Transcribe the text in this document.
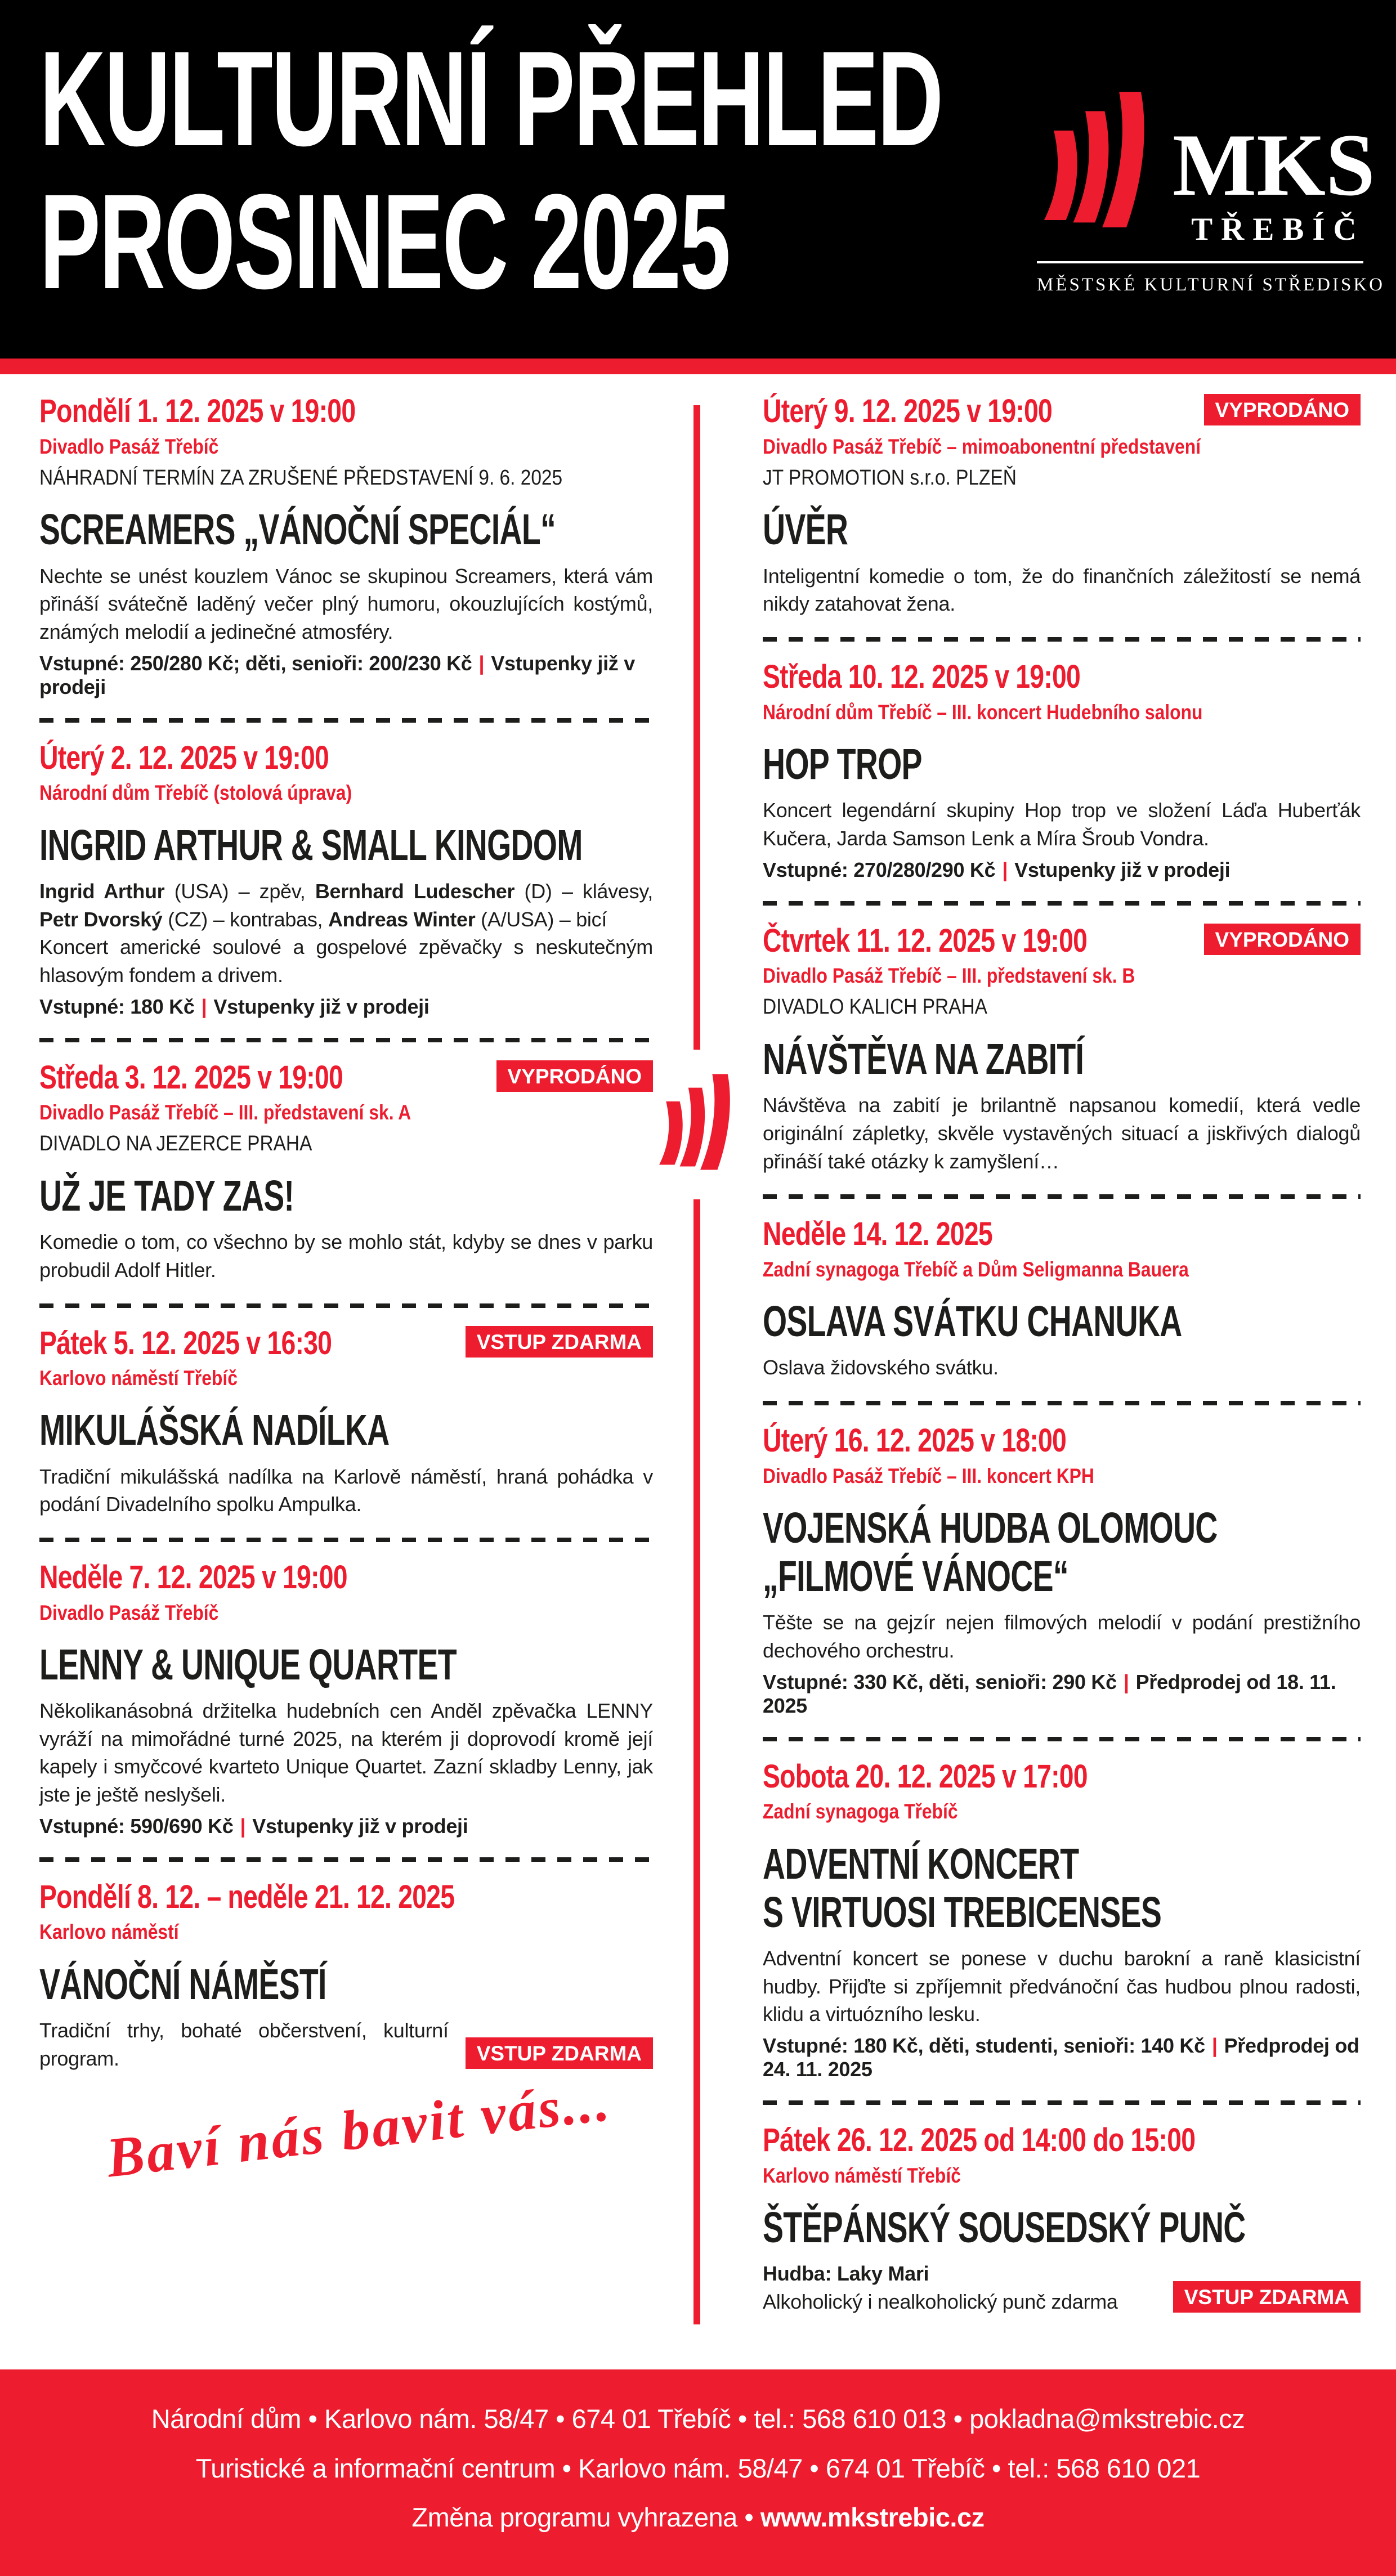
KULTURNÍ PŘEHLED
PROSINEC 2025
MKS
TŘEBÍČ
MĚSTSKÉ KULTURNÍ STŘEDISKO
Pondělí 1. 12. 2025 v 19:00
Divadlo Pasáž Třebíč
NÁHRADNÍ TERMÍN ZA ZRUŠENÉ PŘEDSTAVENÍ 9. 6. 2025
SCREAMERS „VÁNOČNÍ SPECIÁL“

Nechte se unést kouzlem Vánoc se skupinou Screamers, která vám přináší svátečně laděný večer plný humoru, okouzlujících kostýmů, známých melodií a jedinečné atmosféry.

Vstupné: 250/280 Kč; děti, senioři: 200/230 Kč | Vstupenky již v prodeji
Úterý 2. 12. 2025 v 19:00
Národní dům Třebíč (stolová úprava)
INGRID ARTHUR & SMALL KINGDOM

Ingrid Arthur (USA) – zpěv, Bernhard Ludescher (D) – klávesy, Petr Dvorský (CZ) – kontrabas, Andreas Winter (A/USA) – bicí

Koncert americké soulové a gospelové zpěvačky s neskutečným hlasovým fondem a drivem.

Vstupné: 180 Kč | Vstupenky již v prodeji
Středa 3. 12. 2025 v 19:00	VYPRODÁNO
Divadlo Pasáž Třebíč – III. představení sk. A
DIVADLO NA JEZERCE PRAHA
UŽ JE TADY ZAS!

Komedie o tom, co všechno by se mohlo stát, kdyby se dnes v parku probudil Adolf Hitler.

Pátek 5. 12. 2025 v 16:30	VSTUP ZDARMA
Karlovo náměstí Třebíč
MIKULÁŠSKÁ NADÍLKA

Tradiční mikulášská nadílka na Karlově náměstí, hraná pohádka v podání Divadelního spolku Ampulka.

Neděle 7. 12. 2025 v 19:00
Divadlo Pasáž Třebíč
LENNY & UNIQUE QUARTET

Několikanásobná držitelka hudebních cen Anděl zpěvačka LENNY vyráží na mimořádné turné 2025, na kterém ji doprovodí kromě její kapely i smyčcové kvarteto Unique Quartet. Zazní skladby Lenny, jak jste je ještě neslyšeli.

Vstupné: 590/690 Kč | Vstupenky již v prodeji
Pondělí 8. 12. – neděle 21. 12. 2025
Karlovo náměstí
VÁNOČNÍ NÁMĚSTÍ

Tradiční trhy, bohaté občerstvení, kulturní program.	VSTUP ZDARMA
Baví nás bavit vás...
Úterý 9. 12. 2025 v 19:00	VYPRODÁNO
Divadlo Pasáž Třebíč – mimoabonentní představení
JT PROMOTION s.r.o. PLZEŇ
ÚVĚR

Inteligentní komedie o tom, že do finančních záležitostí se nemá nikdy zatahovat žena.

Středa 10. 12. 2025 v 19:00
Národní dům Třebíč – III. koncert Hudebního salonu
HOP TROP

Koncert legendární skupiny Hop trop ve složení Láďa Huberťák Kučera, Jarda Samson Lenk a Míra Šroub Vondra.

Vstupné: 270/280/290 Kč | Vstupenky již v prodeji
Čtvrtek 11. 12. 2025 v 19:00	VYPRODÁNO
Divadlo Pasáž Třebíč – III. představení sk. B
DIVADLO KALICH PRAHA
NÁVŠTĚVA NA ZABITÍ

Návštěva na zabití je brilantně napsanou komedií, která vedle originální zápletky, skvěle vystavěných situací a jiskřivých dialogů přináší také otázky k zamyšlení…

Neděle 14. 12. 2025
Zadní synagoga Třebíč a Dům Seligmanna Bauera
OSLAVA SVÁTKU CHANUKA

Oslava židovského svátku.

Úterý 16. 12. 2025 v 18:00
Divadlo Pasáž Třebíč – III. koncert KPH
VOJENSKÁ HUDBA OLOMOUC
„FILMOVÉ VÁNOCE“

Těšte se na gejzír nejen filmových melodií v podání prestižního dechového orchestru.

Vstupné: 330 Kč, děti, senioři: 290 Kč | Předprodej od 18. 11. 2025
Sobota 20. 12. 2025 v 17:00
Zadní synagoga Třebíč
ADVENTNÍ KONCERT
S VIRTUOSI TREBICENSES

Adventní koncert se ponese v duchu barokní a raně klasicistní hudby. Přijďte si zpříjemnit předvánoční čas hudbou plnou radosti, klidu a virtuózního lesku.

Vstupné: 180 Kč, děti, studenti, senioři: 140 Kč | Předprodej od 24. 11. 2025
Pátek 26. 12. 2025 od 14:00 do 15:00
Karlovo náměstí Třebíč
ŠTĚPÁNSKÝ SOUSEDSKÝ PUNČ

Hudba: Laky Mari

Alkoholický i nealkoholický punč zdarma	VSTUP ZDARMA

Národní dům • Karlovo nám. 58/47 • 674 01 Třebíč • tel.: 568 610 013 • pokladna@mkstrebic.cz

Turistické a informační centrum • Karlovo nám. 58/47 • 674 01 Třebíč • tel.: 568 610 021

Změna programu vyhrazena • www.mkstrebic.cz
